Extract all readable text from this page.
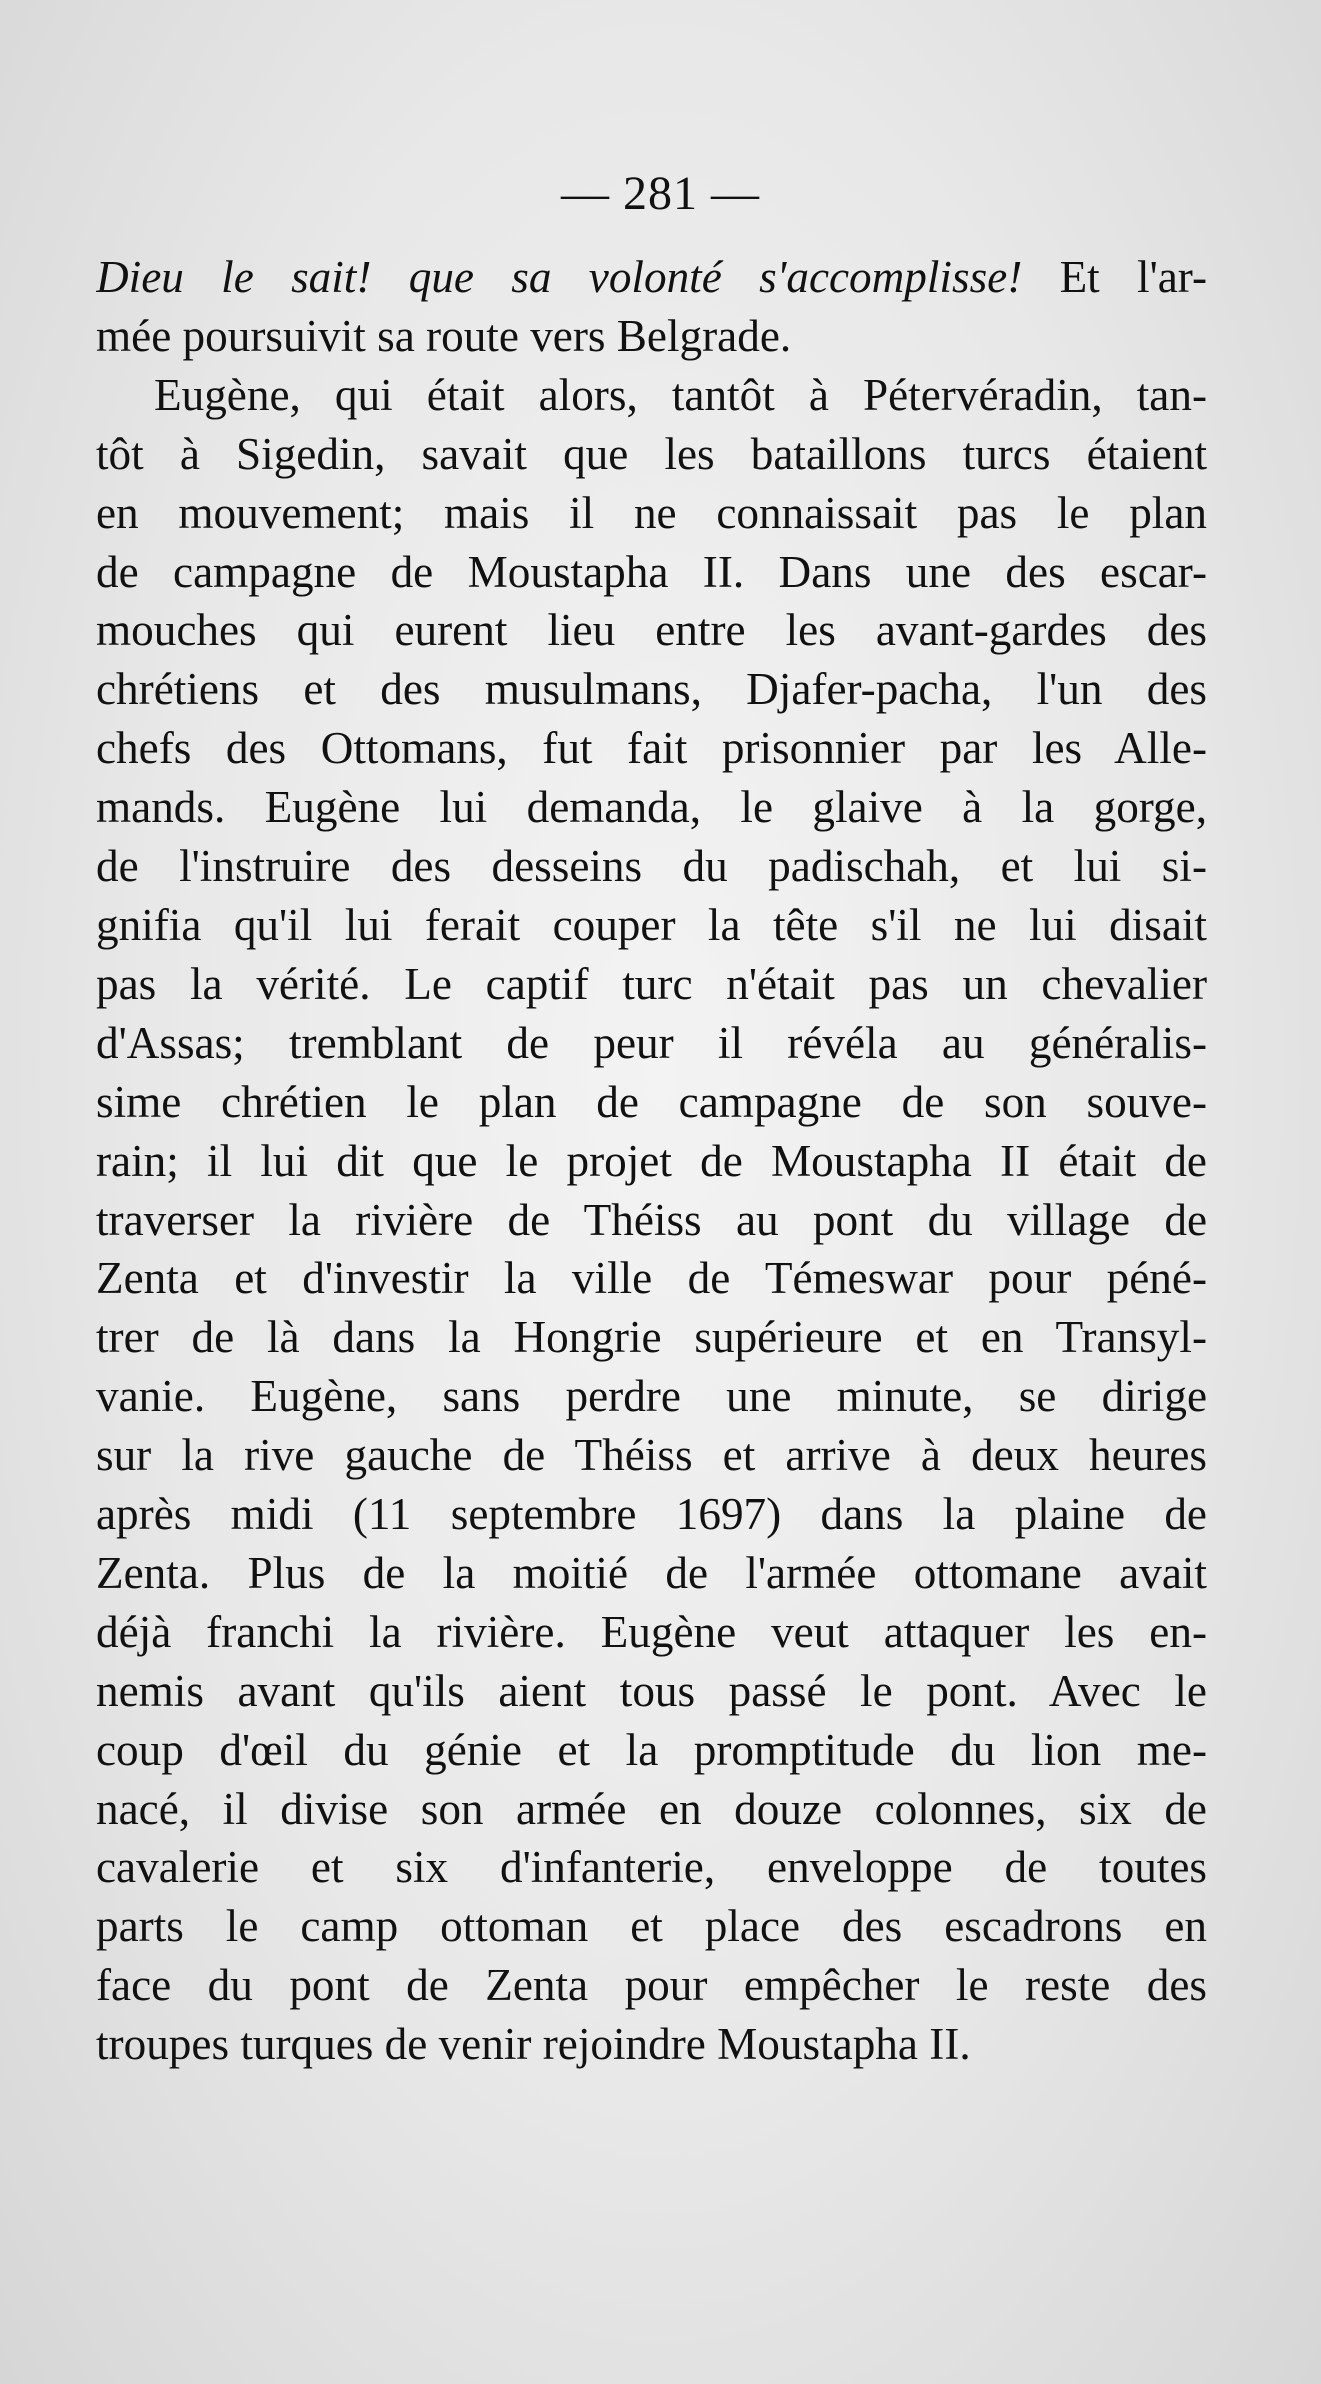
— 281 —
Dieu le sait! que sa volonté s'accomplisse! Et l'ar-
mée poursuivit sa route vers Belgrade.
Eugène, qui était alors, tantôt à Pétervéradin, tan-
tôt à Sigedin, savait que les bataillons turcs étaient
en mouvement; mais il ne connaissait pas le plan
de campagne de Moustapha II. Dans une des escar-
mouches qui eurent lieu entre les avant-gardes des
chrétiens et des musulmans, Djafer-pacha, l'un des
chefs des Ottomans, fut fait prisonnier par les Alle-
mands. Eugène lui demanda, le glaive à la gorge,
de l'instruire des desseins du padischah, et lui si-
gnifia qu'il lui ferait couper la tête s'il ne lui disait
pas la vérité. Le captif turc n'était pas un chevalier
d'Assas; tremblant de peur il révéla au généralis-
sime chrétien le plan de campagne de son souve-
rain; il lui dit que le projet de Moustapha II était de
traverser la rivière de Théiss au pont du village de
Zenta et d'investir la ville de Témeswar pour péné-
trer de là dans la Hongrie supérieure et en Transyl-
vanie. Eugène, sans perdre une minute, se dirige
sur la rive gauche de Théiss et arrive à deux heures
après midi (11 septembre 1697) dans la plaine de
Zenta. Plus de la moitié de l'armée ottomane avait
déjà franchi la rivière. Eugène veut attaquer les en-
nemis avant qu'ils aient tous passé le pont. Avec le
coup d'œil du génie et la promptitude du lion me-
nacé, il divise son armée en douze colonnes, six de
cavalerie et six d'infanterie, enveloppe de toutes
parts le camp ottoman et place des escadrons en
face du pont de Zenta pour empêcher le reste des
troupes turques de venir rejoindre Moustapha II.
